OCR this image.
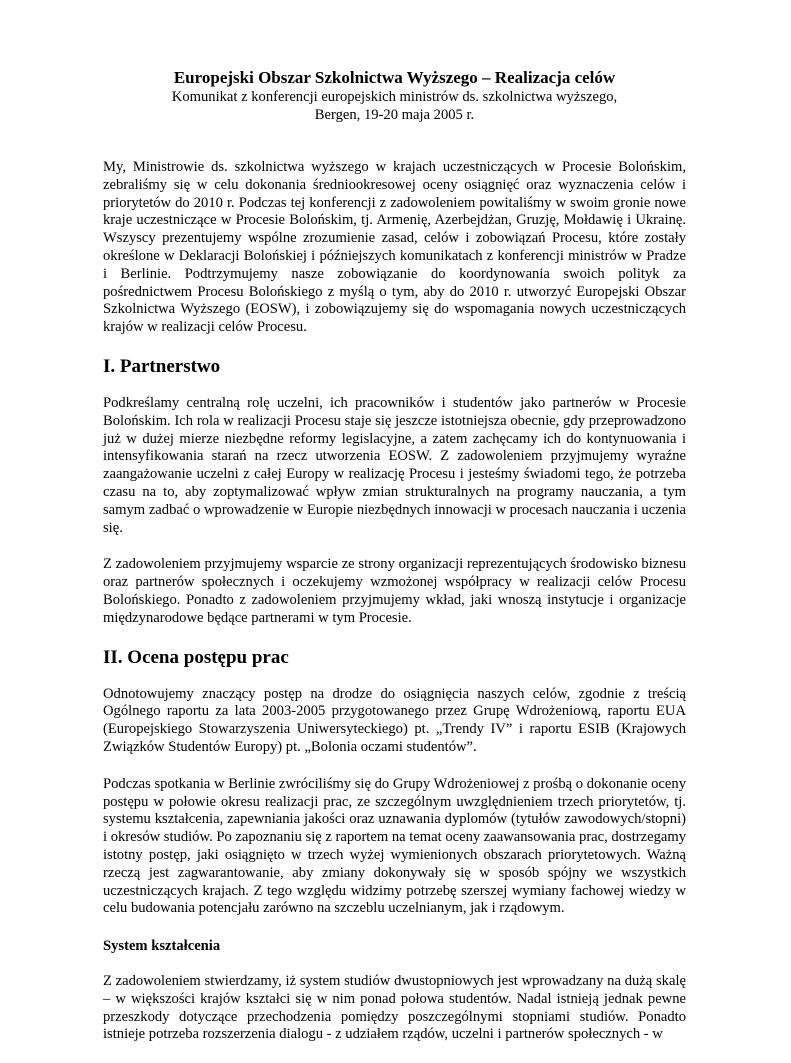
Europejski Obszar Szkolnictwa Wyższego – Realizacja celów

Komunikat z konferencji europejskich ministrów ds. szkolnictwa wyższego,

Bergen, 19-20 maja 2005 r.

My, Ministrowie ds. szkolnictwa wyższego w krajach uczestniczących w Procesie Bolońskim, zebraliśmy się w celu dokonania średniookresowej oceny osiągnięć oraz wyznaczenia celów i priorytetów do 2010 r. Podczas tej konferencji z zadowoleniem powitaliśmy w swoim gronie nowe kraje uczestniczące w Procesie Bolońskim, tj. Armenię, Azerbejdżan, Gruzję, Mołdawię i Ukrainę. Wszyscy prezentujemy wspólne zrozumienie zasad, celów i zobowiązań Procesu, które zostały określone w Deklaracji Bolońskiej i późniejszych komunikatach z konferencji ministrów w Pradze i Berlinie. Podtrzymujemy nasze zobowiązanie do koordynowania swoich polityk za pośrednictwem Procesu Bolońskiego z myślą o tym, aby do 2010 r. utworzyć Europejski Obszar Szkolnictwa Wyższego (EOSW), i zobowiązujemy się do wspomagania nowych uczestniczących krajów w realizacji celów Procesu.

I. Partnerstwo

Podkreślamy centralną rolę uczelni, ich pracowników i studentów jako partnerów w Procesie Bolońskim. Ich rola w realizacji Procesu staje się jeszcze istotniejsza obecnie, gdy przeprowadzono już w dużej mierze niezbędne reformy legislacyjne, a zatem zachęcamy ich do kontynuowania i intensyfikowania starań na rzecz utworzenia EOSW. Z zadowoleniem przyjmujemy wyraźne zaangażowanie uczelni z całej Europy w realizację Procesu i jesteśmy świadomi tego, że potrzeba czasu na to, aby zoptymalizować wpływ zmian strukturalnych na programy nauczania, a tym samym zadbać o wprowadzenie w Europie niezbędnych innowacji w procesach nauczania i uczenia się.

Z zadowoleniem przyjmujemy wsparcie ze strony organizacji reprezentujących środowisko biznesu oraz partnerów społecznych i oczekujemy wzmożonej współpracy w realizacji celów Procesu Bolońskiego. Ponadto z zadowoleniem przyjmujemy wkład, jaki wnoszą instytucje i organizacje międzynarodowe będące partnerami w tym Procesie.

II. Ocena postępu prac

Odnotowujemy znaczący postęp na drodze do osiągnięcia naszych celów, zgodnie z treścią Ogólnego raportu za lata 2003-2005 przygotowanego przez Grupę Wdrożeniową, raportu EUA (Europejskiego Stowarzyszenia Uniwersyteckiego) pt. „Trendy IV” i raportu ESIB (Krajowych Związków Studentów Europy) pt. „Bolonia oczami studentów”.

Podczas spotkania w Berlinie zwróciliśmy się do Grupy Wdrożeniowej z prośbą o dokonanie oceny postępu w połowie okresu realizacji prac, ze szczególnym uwzględnieniem trzech priorytetów, tj. systemu kształcenia, zapewniania jakości oraz uznawania dyplomów (tytułów zawodowych/stopni) i okresów studiów. Po zapoznaniu się z raportem na temat oceny zaawansowania prac, dostrzegamy istotny postęp, jaki osiągnięto w trzech wyżej wymienionych obszarach priorytetowych. Ważną rzeczą jest zagwarantowanie, aby zmiany dokonywały się w sposób spójny we wszystkich uczestniczących krajach. Z tego względu widzimy potrzebę szerszej wymiany fachowej wiedzy w celu budowania potencjału zarówno na szczeblu uczelnianym, jak i rządowym.

System kształcenia

Z zadowoleniem stwierdzamy, iż system studiów dwustopniowych jest wprowadzany na dużą skalę – w większości krajów kształci się w nim ponad połowa studentów. Nadal istnieją jednak pewne przeszkody dotyczące przechodzenia pomiędzy poszczególnymi stopniami studiów. Ponadto istnieje potrzeba rozszerzenia dialogu - z udziałem rządów, uczelni i partnerów społecznych - w
